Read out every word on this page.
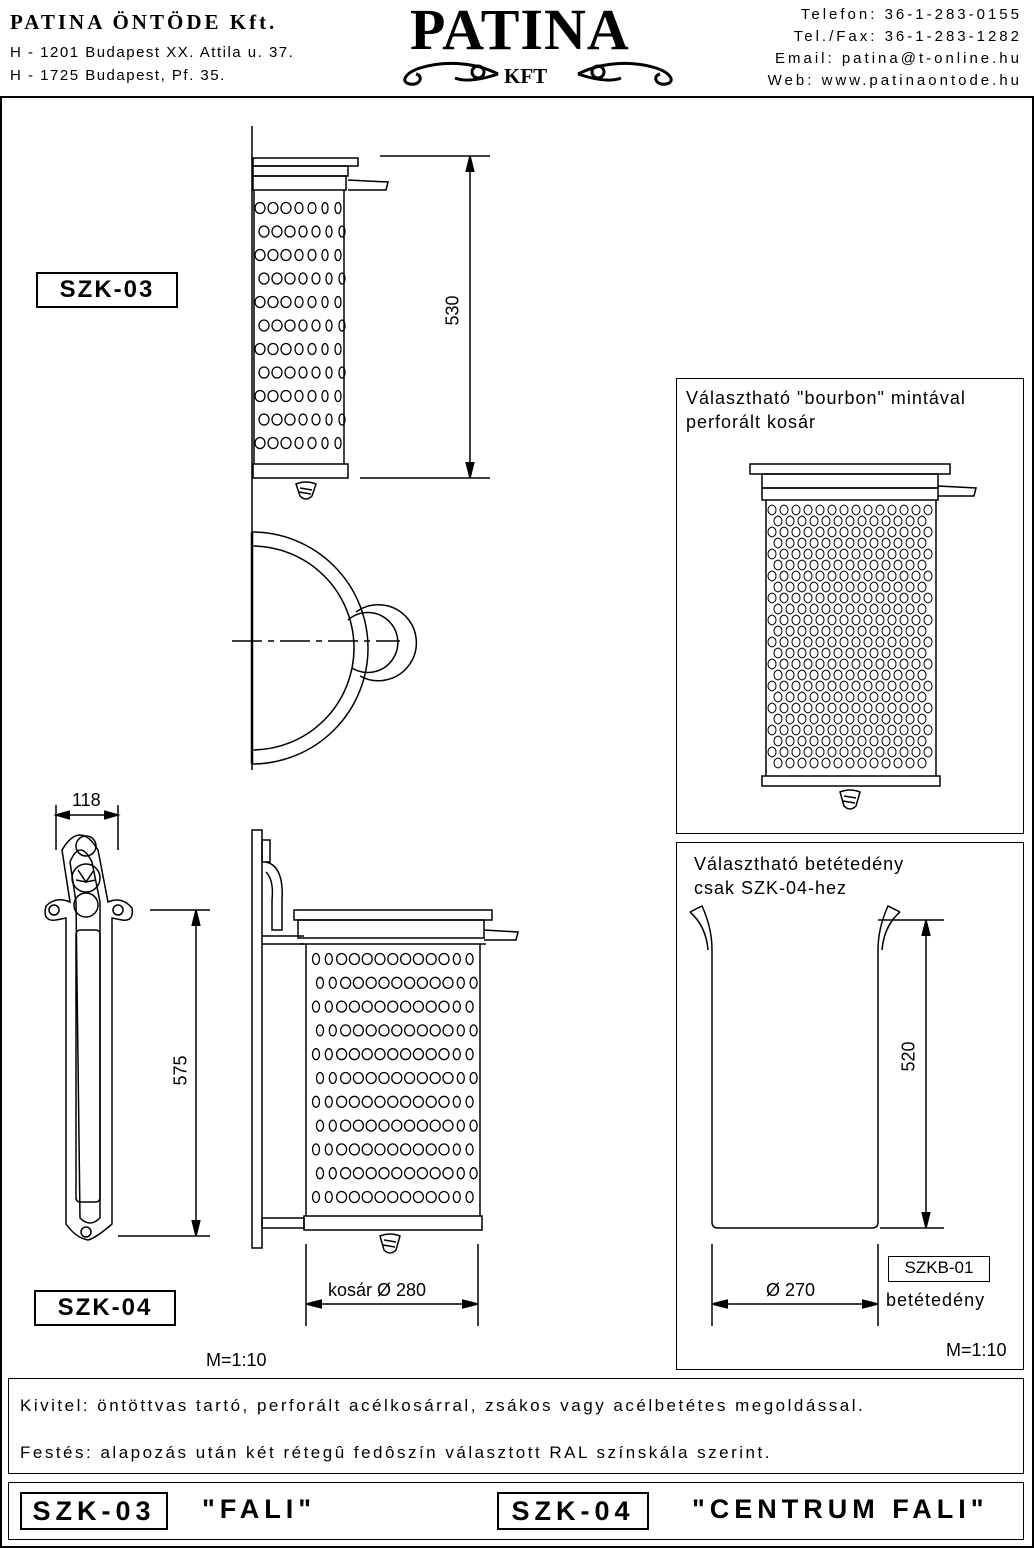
PATINA ÖNTÖDE Kft.
H - 1201 Budapest XX. Attila u. 37.
H - 1725 Budapest, Pf. 35.
PATINA
KFT
Telefon: 36-1-283-0155
Tel./Fax: 36-1-283-1282
Email: patina@t-online.hu
Web: www.patinaontode.hu
SZK-03
530
118
575
kosár Ø 280
SZK-04
M=1:10
Választható "bourbon" mintával
perforált kosár
Választható betétedény
csak SZK-04-hez
520
Ø 270
SZKB-01
betétedény
M=1:10
Kivitel: öntöttvas tartó, perforált acélkosárral, zsákos vagy acélbetétes megoldással.
Festés: alapozás után két rétegû fedôszín választott RAL színskála szerint.
SZK-03	"FALI"	SZK-04	"CENTRUM FALI"
